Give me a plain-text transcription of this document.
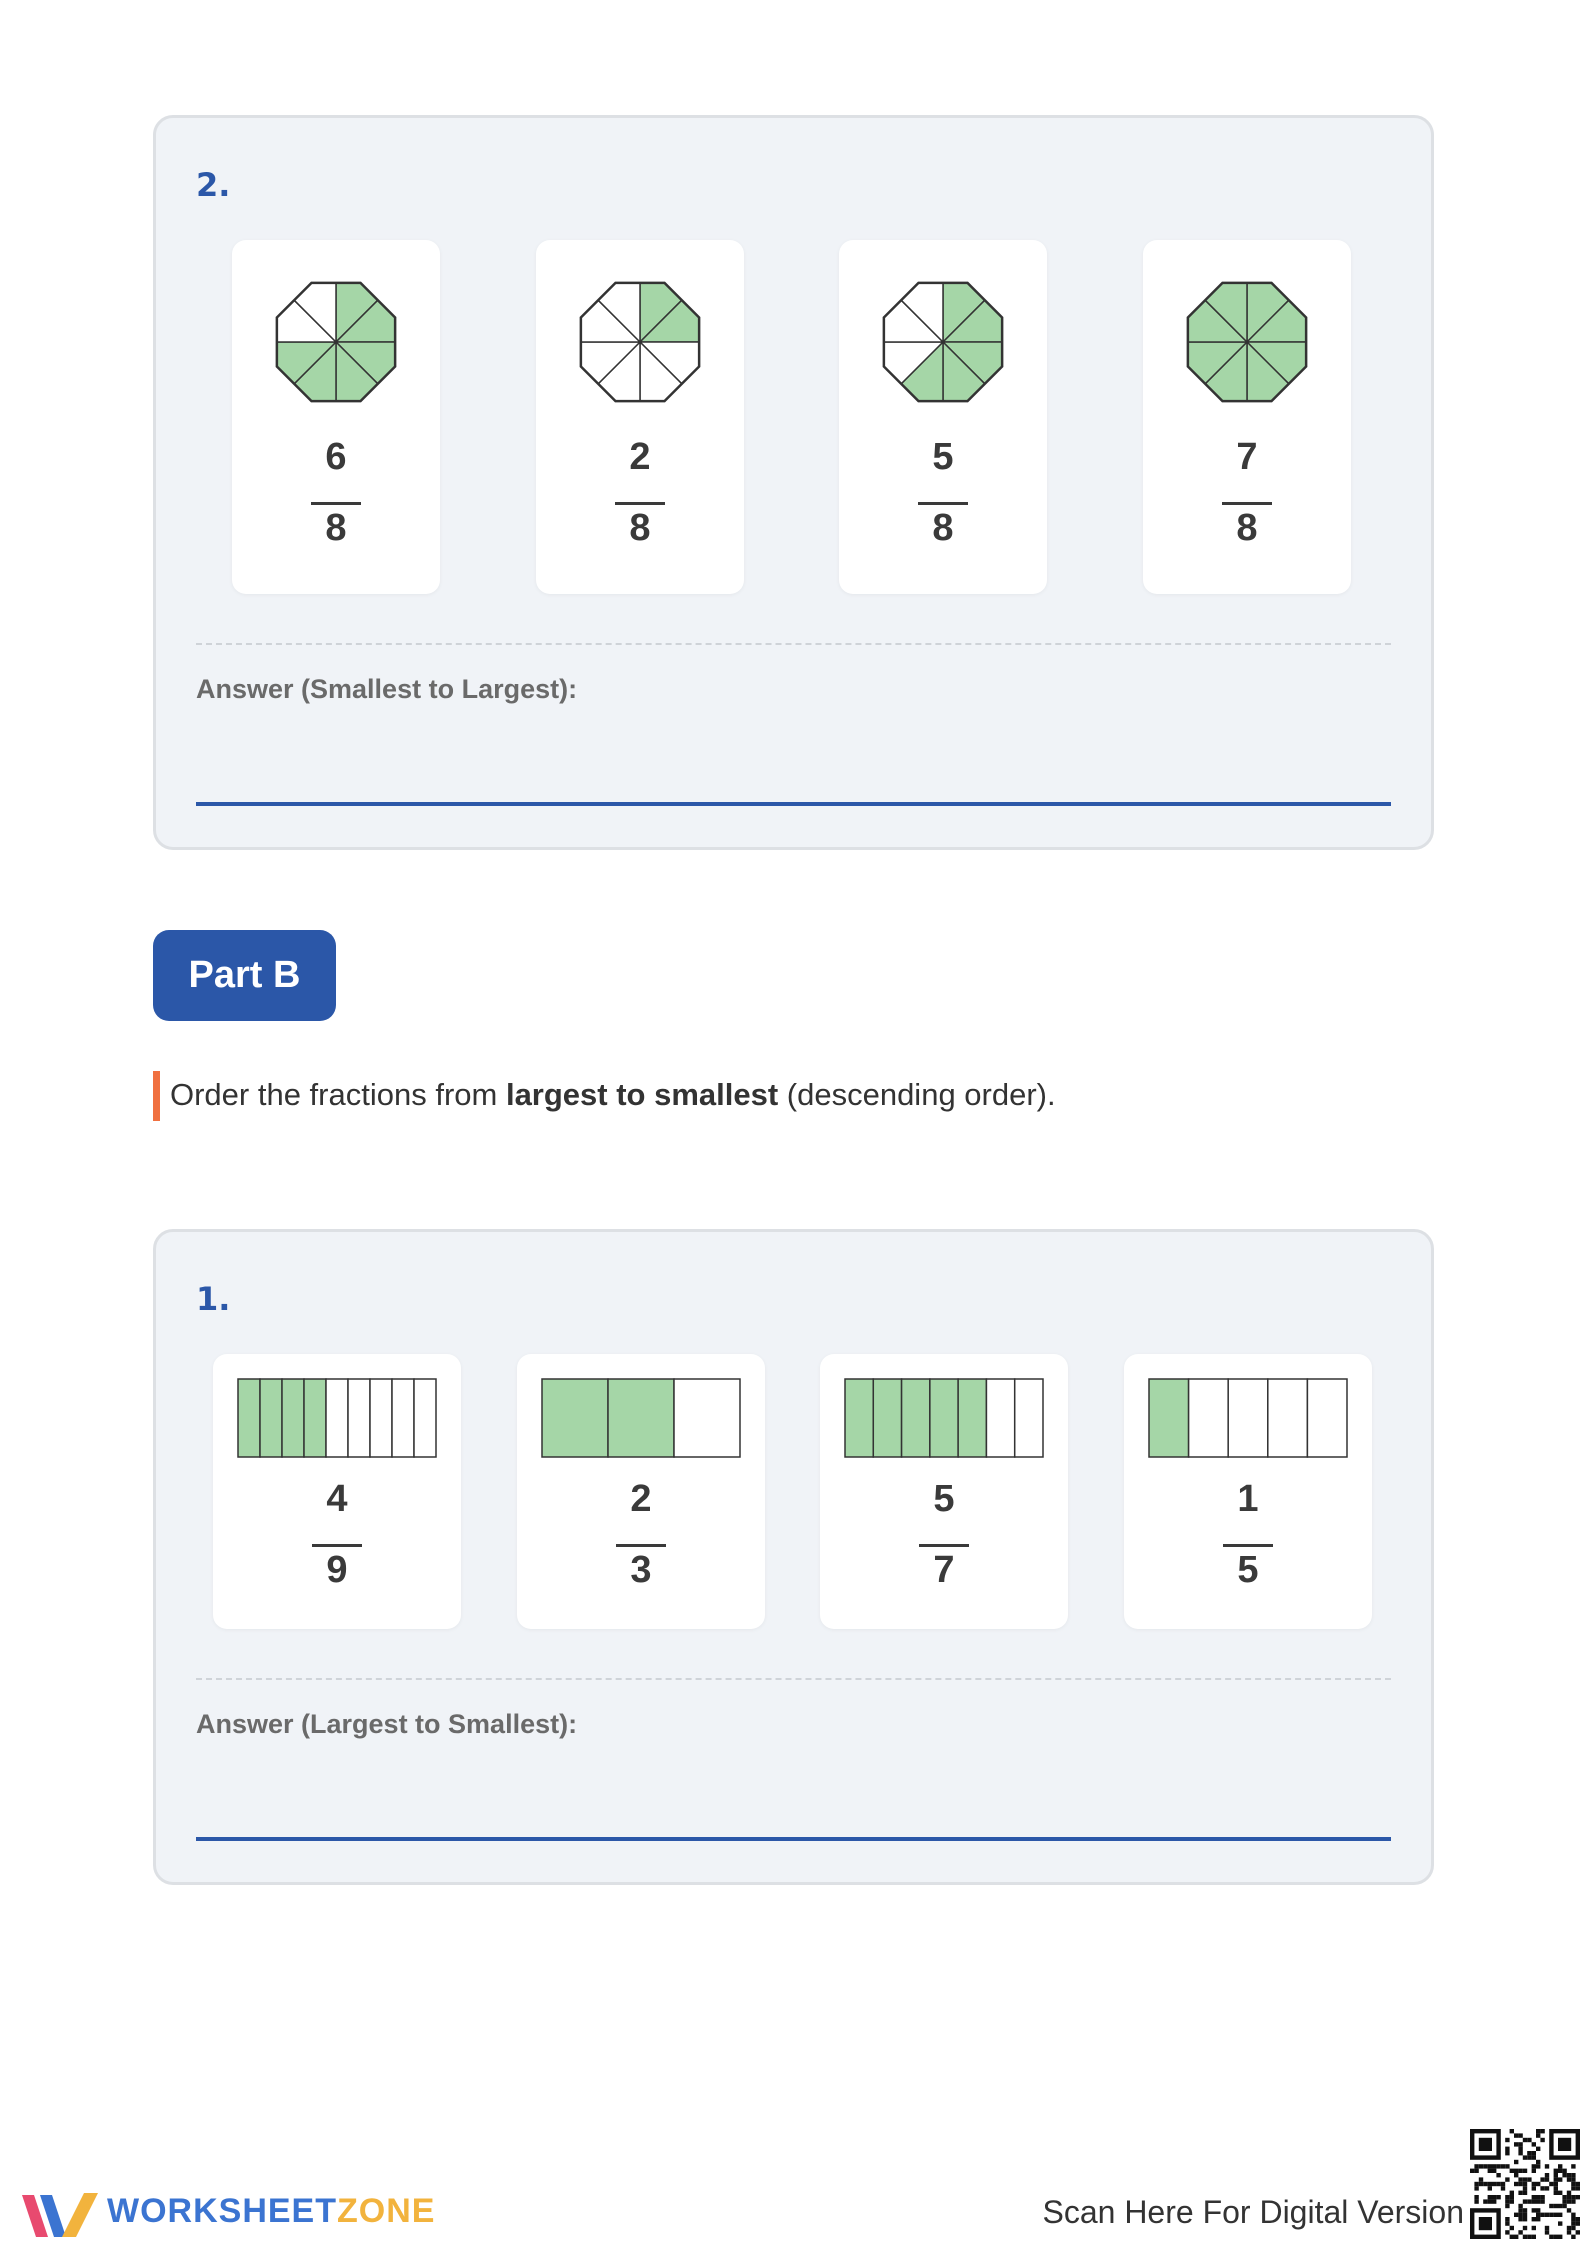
2.
6
8
2
8
5
8
7
8
Answer (Smallest to Largest):
Part B
Order the fractions from largest to smallest (descending order).
1.
4
9
2
3
5
7
1
5
Answer (Largest to Smallest):
WORKSHEETZONE	Scan Here For Digital Version
